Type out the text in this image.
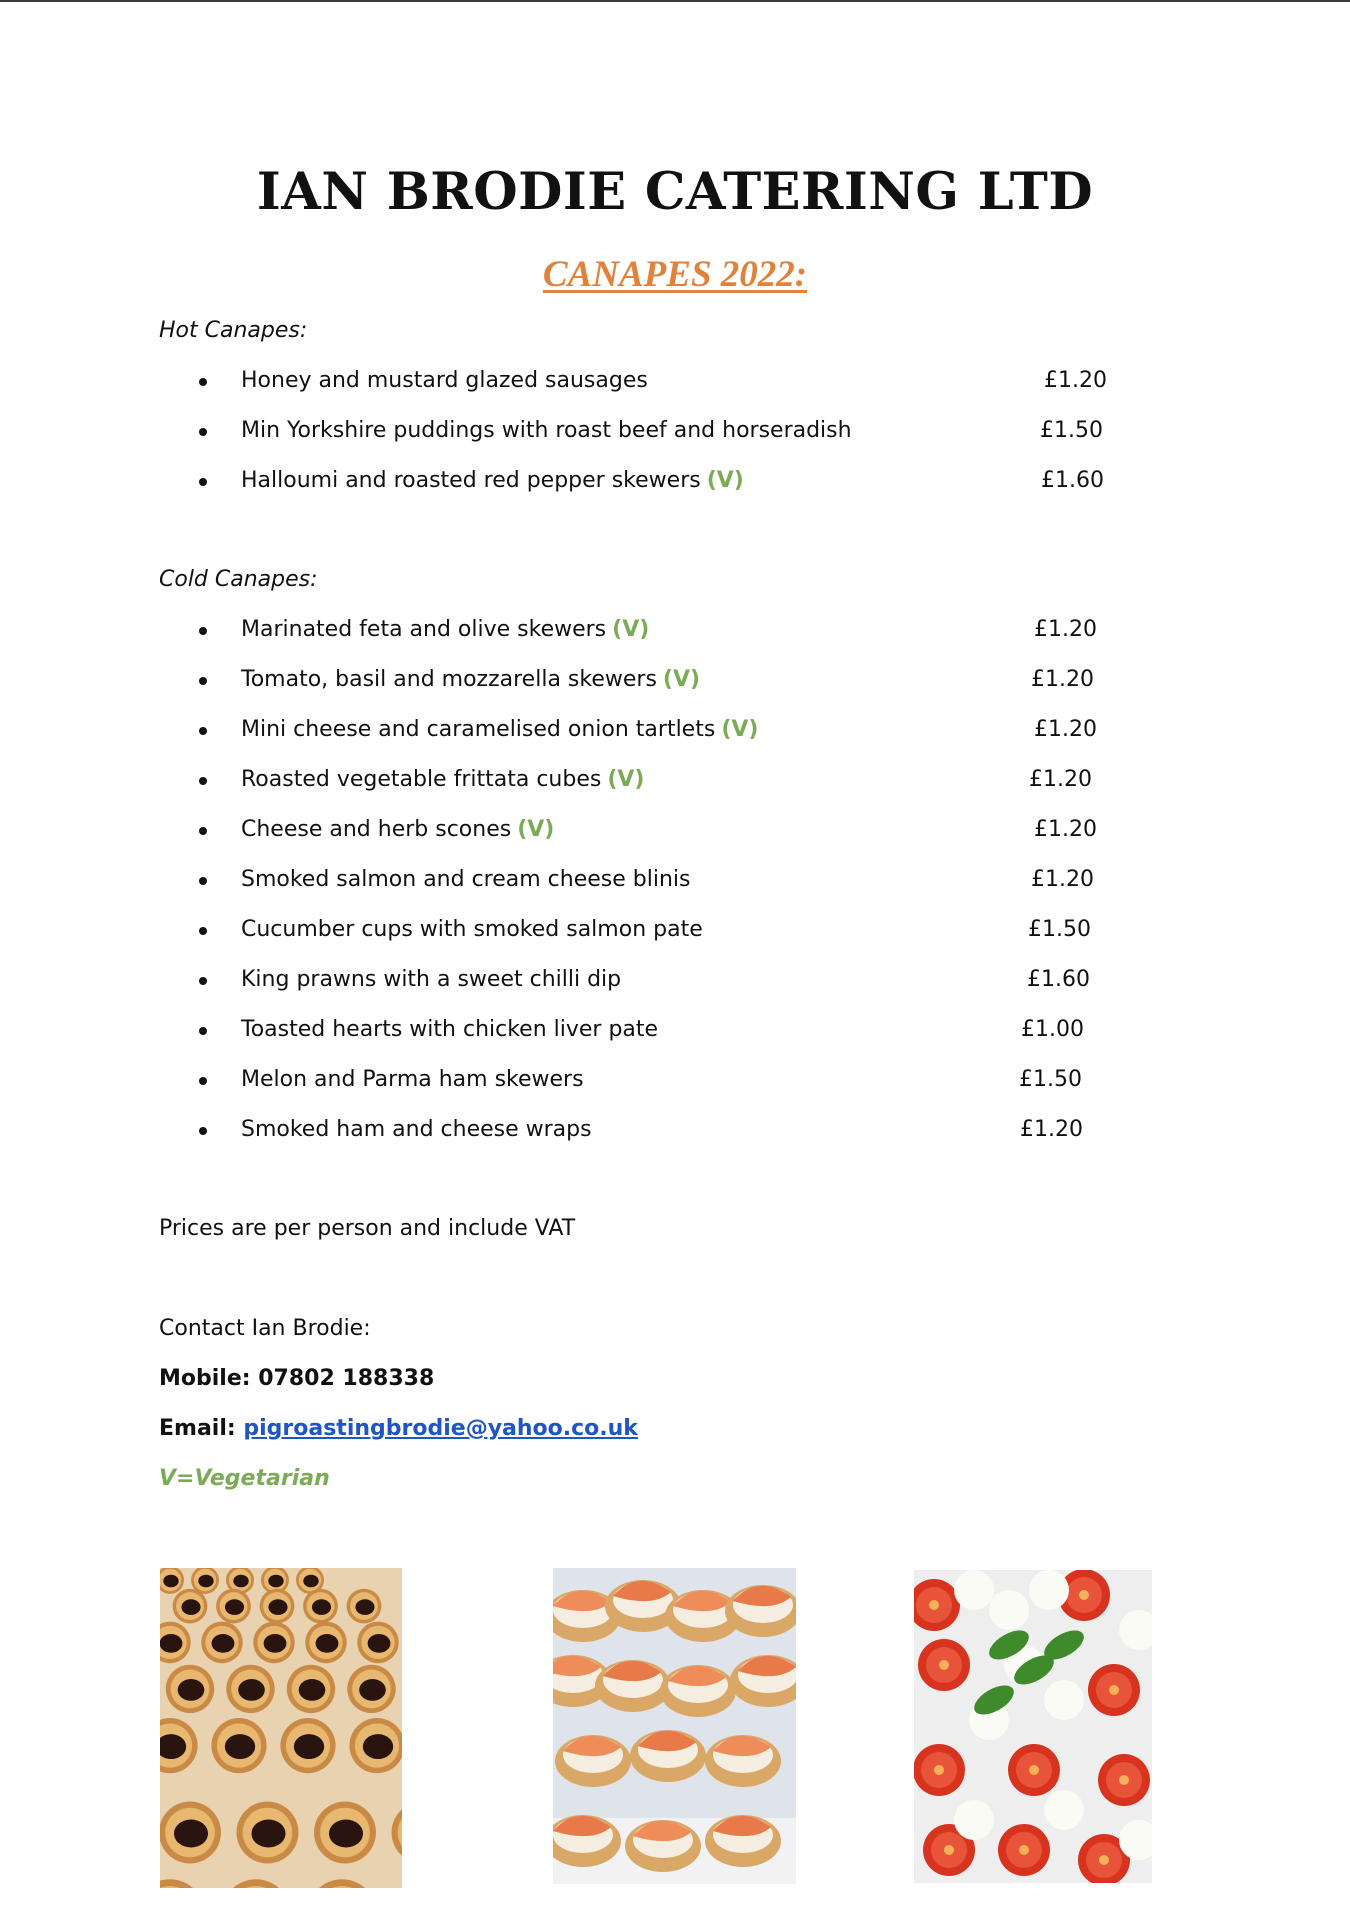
IAN BRODIE CATERING LTD
CANAPES 2022:
Hot Canapes:
Honey and mustard glazed sausages	£1.20
Min Yorkshire puddings with roast beef and horseradish	£1.50
Halloumi and roasted red pepper skewers (V)	£1.60
Cold Canapes:
Marinated feta and olive skewers (V)	£1.20
Tomato, basil and mozzarella skewers (V)	£1.20
Mini cheese and caramelised onion tartlets (V)	£1.20
Roasted vegetable frittata cubes (V)	£1.20
Cheese and herb scones (V)	£1.20
Smoked salmon and cream cheese blinis	£1.20
Cucumber cups with smoked salmon pate	£1.50
King prawns with a sweet chilli dip	£1.60
Toasted hearts with chicken liver pate	£1.00
Melon and Parma ham skewers	£1.50
Smoked ham and cheese wraps	£1.20
Prices are per person and include VAT
Contact Ian Brodie:
Mobile: 07802 188338
Email: pigroastingbrodie@yahoo.co.uk
V=Vegetarian
